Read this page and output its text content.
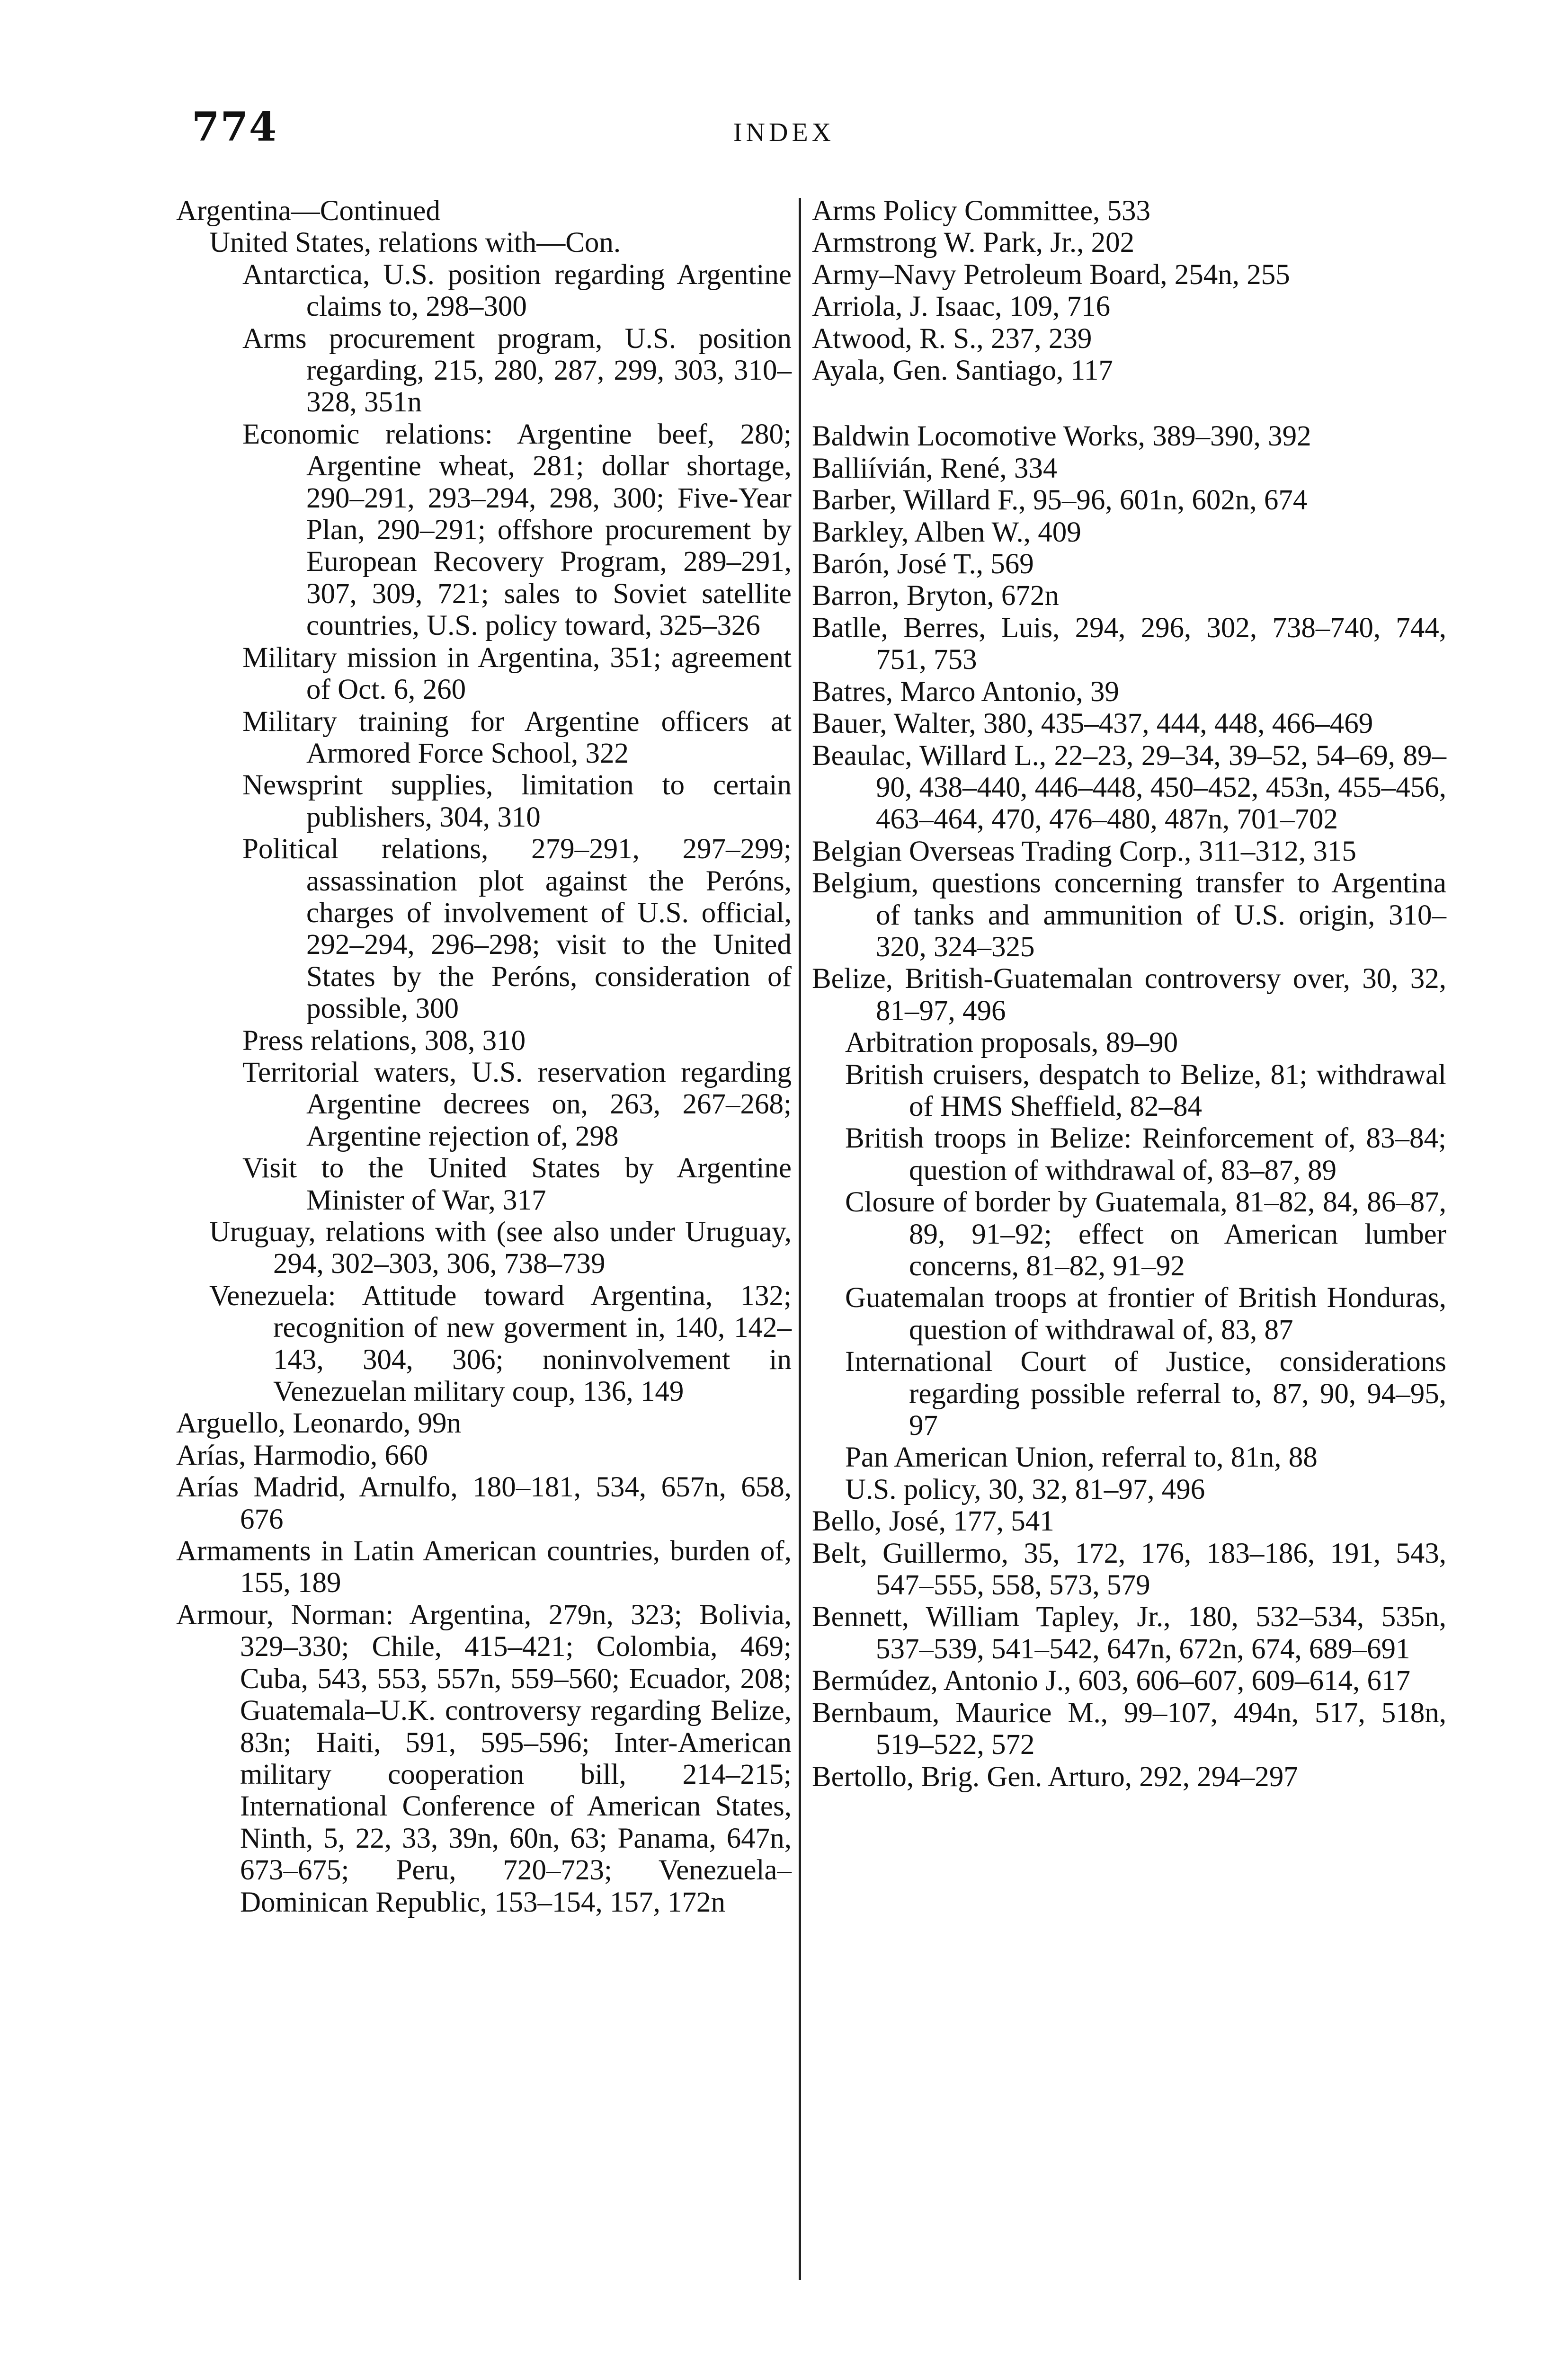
774	INDEX

Argentina—Continued

United States, relations with—Con.

Antarctica, U.S. position regarding Argentine claims to, 298–300

Arms procurement program, U.S. position regarding, 215, 280, 287, 299, 303, 310–328, 351n

Economic relations: Argentine beef, 280; Argentine wheat, 281; dollar shortage, 290–291, 293–294, 298, 300; Five-Year Plan, 290–291; offshore procurement by European Recovery Program, 289–291, 307, 309, 721; sales to Soviet satellite countries, U.S. policy toward, 325–326

Military mission in Argentina, 351; agreement of Oct. 6, 260

Military training for Argentine officers at Armored Force School, 322

Newsprint supplies, limitation to certain publishers, 304, 310

Political relations, 279–291, 297–299; assassination plot against the Peróns, charges of involvement of U.S. official, 292–294, 296–298; visit to the United States by the Peróns, consideration of possible, 300

Press relations, 308, 310

Territorial waters, U.S. reservation regarding Argentine decrees on, 263, 267–268; Argentine rejection of, 298

Visit to the United States by Argentine Minister of War, 317

Uruguay, relations with (see also under Uruguay, 294, 302–303, 306, 738–739

Venezuela: Attitude toward Argentina, 132; recognition of new goverment in, 140, 142–143, 304, 306; noninvolvement in Venezuelan military coup, 136, 149

Arguello, Leonardo, 99n

Arías, Harmodio, 660

Arías Madrid, Arnulfo, 180–181, 534, 657n, 658, 676

Armaments in Latin American countries, burden of, 155, 189

Armour, Norman: Argentina, 279n, 323; Bolivia, 329–330; Chile, 415–421; Colombia, 469; Cuba, 543, 553, 557n, 559–560; Ecuador, 208; Guatemala–U.K. controversy regarding Belize, 83n; Haiti, 591, 595–596; Inter-American military cooperation bill, 214–215; International Conference of American States, Ninth, 5, 22, 33, 39n, 60n, 63; Panama, 647n, 673–675; Peru, 720–723; Venezuela–Dominican Republic, 153–154, 157, 172n

Arms Policy Committee, 533

Armstrong W. Park, Jr., 202

Army–Navy Petroleum Board, 254n, 255

Arriola, J. Isaac, 109, 716

Atwood, R. S., 237, 239

Ayala, Gen. Santiago, 117

Baldwin Locomotive Works, 389–390, 392

Balliívián, René, 334

Barber, Willard F., 95–96, 601n, 602n, 674

Barkley, Alben W., 409

Barón, José T., 569

Barron, Bryton, 672n

Batlle, Berres, Luis, 294, 296, 302, 738–740, 744, 751, 753

Batres, Marco Antonio, 39

Bauer, Walter, 380, 435–437, 444, 448, 466–469

Beaulac, Willard L., 22–23, 29–34, 39–52, 54–69, 89–90, 438–440, 446–448, 450–452, 453n, 455–456, 463–464, 470, 476–480, 487n, 701–702

Belgian Overseas Trading Corp., 311–312, 315

Belgium, questions concerning transfer to Argentina of tanks and ammunition of U.S. origin, 310–320, 324–325

Belize, British-Guatemalan controversy over, 30, 32, 81–97, 496

Arbitration proposals, 89–90

British cruisers, despatch to Belize, 81; withdrawal of HMS Sheffield, 82–84

British troops in Belize: Reinforcement of, 83–84; question of withdrawal of, 83–87, 89

Closure of border by Guatemala, 81–82, 84, 86–87, 89, 91–92; effect on American lumber concerns, 81–82, 91–92

Guatemalan troops at frontier of British Honduras, question of withdrawal of, 83, 87

International Court of Justice, considerations regarding possible referral to, 87, 90, 94–95, 97

Pan American Union, referral to, 81n, 88

U.S. policy, 30, 32, 81–97, 496

Bello, José, 177, 541

Belt, Guillermo, 35, 172, 176, 183–186, 191, 543, 547–555, 558, 573, 579

Bennett, William Tapley, Jr., 180, 532–534, 535n, 537–539, 541–542, 647n, 672n, 674, 689–691

Bermúdez, Antonio J., 603, 606–607, 609–614, 617

Bernbaum, Maurice M., 99–107, 494n, 517, 518n, 519–522, 572

Bertollo, Brig. Gen. Arturo, 292, 294–297
